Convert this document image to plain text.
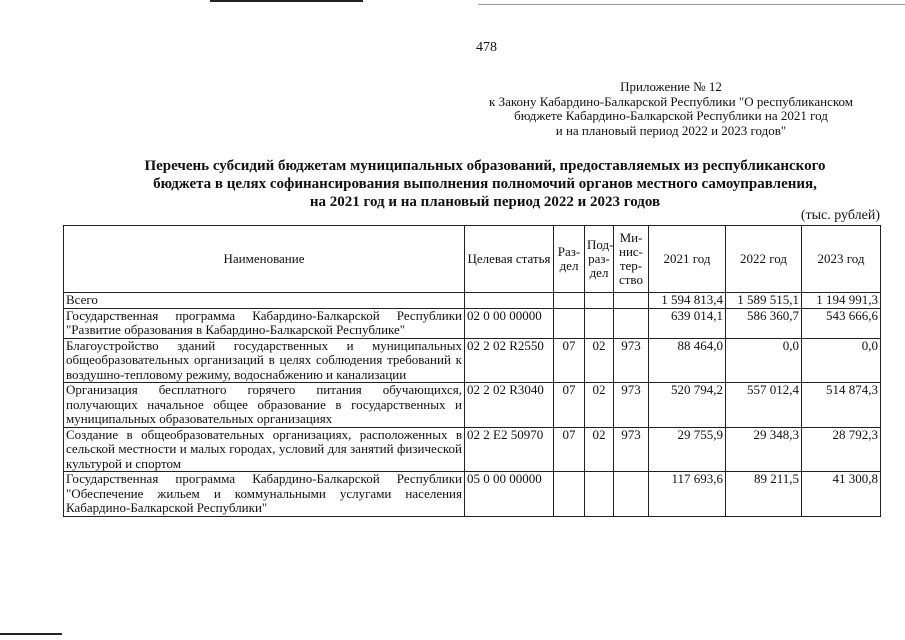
478
Приложение № 12
к Закону Кабардино-Балкарской Республики "О республиканском
бюджете Кабардино-Балкарской Республики на 2021 год
и на плановый период 2022 и 2023 годов"
Перечень субсидий бюджетам муниципальных образований, предоставляемых из республиканского
бюджета в целях софинансирования выполнения полномочий органов местного самоуправления,
на 2021 год и на плановый период 2022 и 2023 годов
(тыс. рублей)
Наименование	Целевая статья	Раз-дел	Под-раз-дел	Ми-нис-тер-ство	2021 год	2022 год	2023 год
Всего					1 594 813,4	1 589 515,1	1 194 991,3
Государственная программа Кабардино-Балкарской Республики "Развитие образования в Кабардино-Балкарской Республике"	02 0 00 00000				639 014,1	586 360,7	543 666,6
Благоустройство зданий государственных и муниципальных общеобразовательных организаций в целях соблюдения требований к воздушно-тепловому режиму, водоснабжению и канализации	02 2 02 R2550	07	02	973	88 464,0	0,0	0,0
Организация бесплатного горячего питания обучающихся, получающих начальное общее образование в государственных и муниципальных образовательных организациях	02 2 02 R3040	07	02	973	520 794,2	557 012,4	514 874,3
Создание в общеобразовательных организациях, расположенных в сельской местности и малых городах, условий для занятий физической культурой и спортом	02 2 E2 50970	07	02	973	29 755,9	29 348,3	28 792,3
Государственная программа Кабардино-Балкарской Республики "Обеспечение жильем и коммунальными услугами населения Кабардино-Балкарской Республики"	05 0 00 00000				117 693,6	89 211,5	41 300,8
